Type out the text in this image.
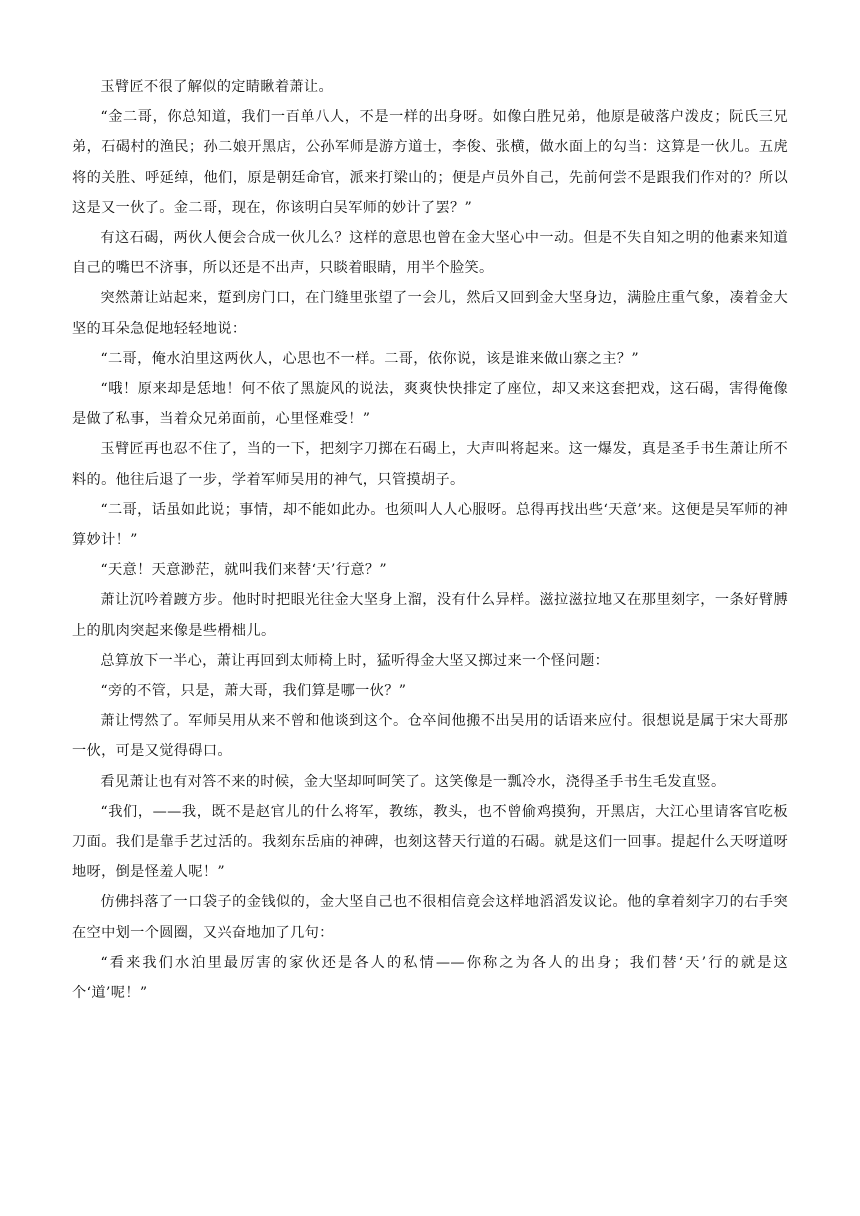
玉臂匠不很了解似的定睛瞅着萧让。

“金二哥，你总知道，我们一百单八人，不是一样的出身呀。如像白胜兄弟，他原是破落户泼皮；阮氏三兄弟，石碣村的渔民；孙二娘开黑店，公孙军师是游方道士，李俊、张横，做水面上的勾当：这算是一伙儿。五虎将的关胜、呼延绰，他们，原是朝廷命官，派来打梁山的；便是卢员外自己，先前何尝不是跟我们作对的？所以这是又一伙了。金二哥，现在，你该明白吴军师的妙计了罢？”

有这石碣，两伙人便会合成一伙儿么？这样的意思也曾在金大坚心中一动。但是不失自知之明的他素来知道自己的嘴巴不济事，所以还是不出声，只睒着眼睛，用半个脸笑。

突然萧让站起来，踅到房门口，在门缝里张望了一会儿，然后又回到金大坚身边，满脸庄重气象，凑着金大坚的耳朵急促地轻轻地说：

“二哥，俺水泊里这两伙人，心思也不一样。二哥，依你说，该是谁来做山寨之主？”

“哦！原来却是恁地！何不依了黑旋风的说法，爽爽快快排定了座位，却又来这套把戏，这石碣，害得俺像是做了私事，当着众兄弟面前，心里怪难受！”

玉臂匠再也忍不住了，当的一下，把刻字刀掷在石碣上，大声叫将起来。这一爆发，真是圣手书生萧让所不料的。他往后退了一步，学着军师吴用的神气，只管摸胡子。

“二哥，话虽如此说；事情，却不能如此办。也须叫人人心服呀。总得再找出些‘天意’来。这便是吴军师的神算妙计！”

“天意！天意渺茫，就叫我们来替‘天’行意？”

萧让沉吟着踱方步。他时时把眼光往金大坚身上溜，没有什么异样。滋拉滋拉地又在那里刻字，一条好臂膊上的肌肉突起来像是些榾柮儿。

总算放下一半心，萧让再回到太师椅上时，猛听得金大坚又掷过来一个怪问题：

“旁的不管，只是，萧大哥，我们算是哪一伙？”

萧让愕然了。军师吴用从来不曾和他谈到这个。仓卒间他搬不出吴用的话语来应付。很想说是属于宋大哥那一伙，可是又觉得碍口。

看见萧让也有对答不来的时候，金大坚却呵呵笑了。这笑像是一瓢冷水，浇得圣手书生毛发直竖。

“我们，——我，既不是赵官儿的什么将军，教练，教头，也不曾偷鸡摸狗，开黑店，大江心里请客官吃板刀面。我们是靠手艺过活的。我刻东岳庙的神碑，也刻这替天行道的石碣。就是这们一回事。提起什么天呀道呀地呀，倒是怪羞人呢！”

仿佛抖落了一口袋子的金钱似的，金大坚自己也不很相信竟会这样地滔滔发议论。他的拿着刻字刀的右手突在空中划一个圆圈，又兴奋地加了几句：

“看来我们水泊里最厉害的家伙还是各人的私情——你称之为各人的出身；我们替‘天’行的就是这个‘道’呢！”
